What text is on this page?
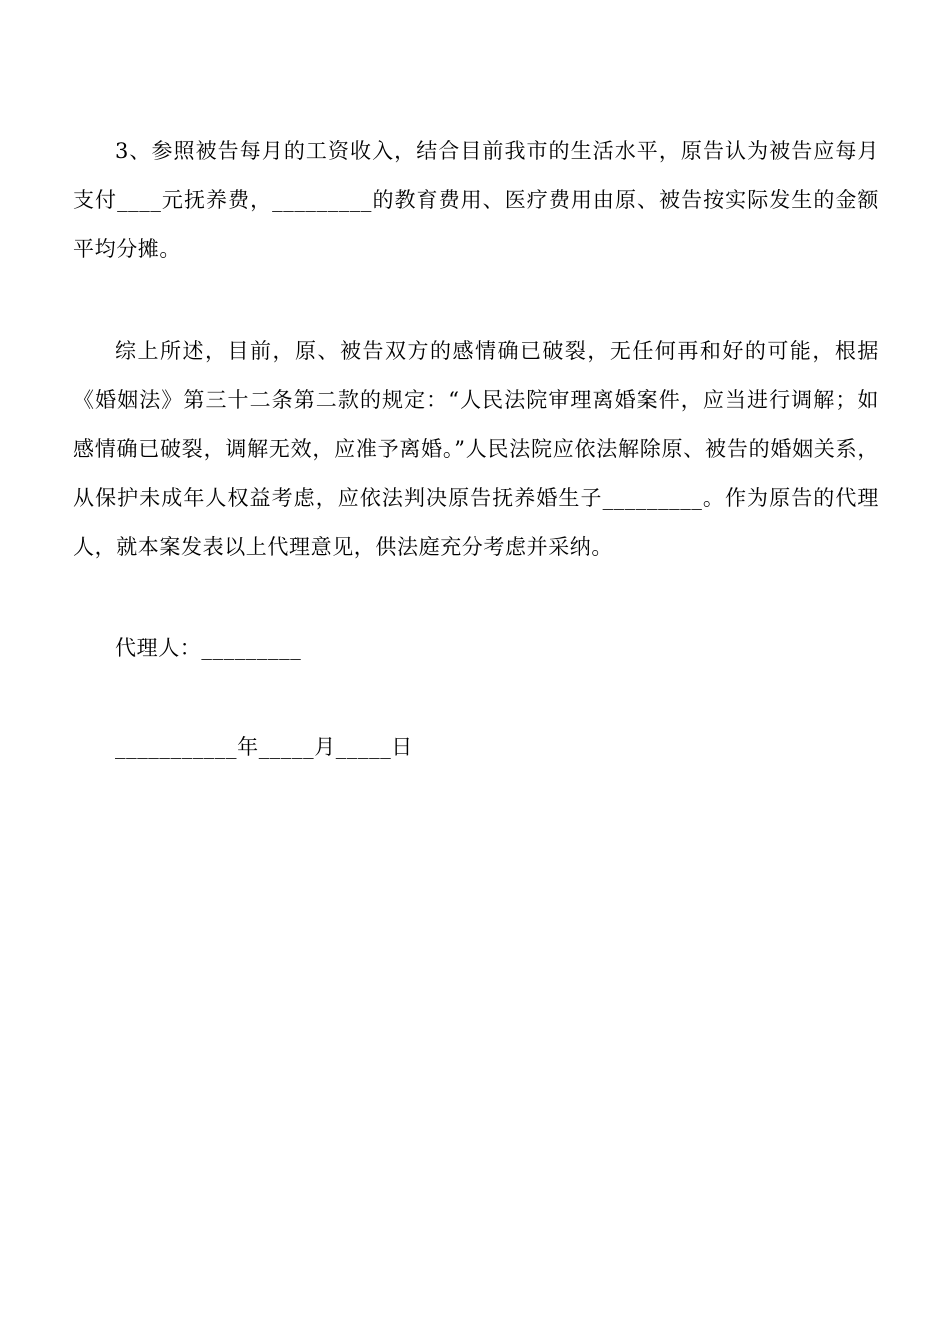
3、参照被告每月的工资收入，结合目前我市的生活水平，原告认为被告应每月支付____元抚养费，_________的教育费用、医疗费用由原、被告按实际发生的金额平均分摊。

综上所述，目前，原、被告双方的感情确已破裂，无任何再和好的可能，根据《婚姻法》第三十二条第二款的规定：“人民法院审理离婚案件，应当进行调解；如感情确已破裂，调解无效，应准予离婚。”人民法院应依法解除原、被告的婚姻关系，从保护未成年人权益考虑，应依法判决原告抚养婚生子_________。作为原告的代理人，就本案发表以上代理意见，供法庭充分考虑并采纳。

代理人：_________

___________年_____月_____日
